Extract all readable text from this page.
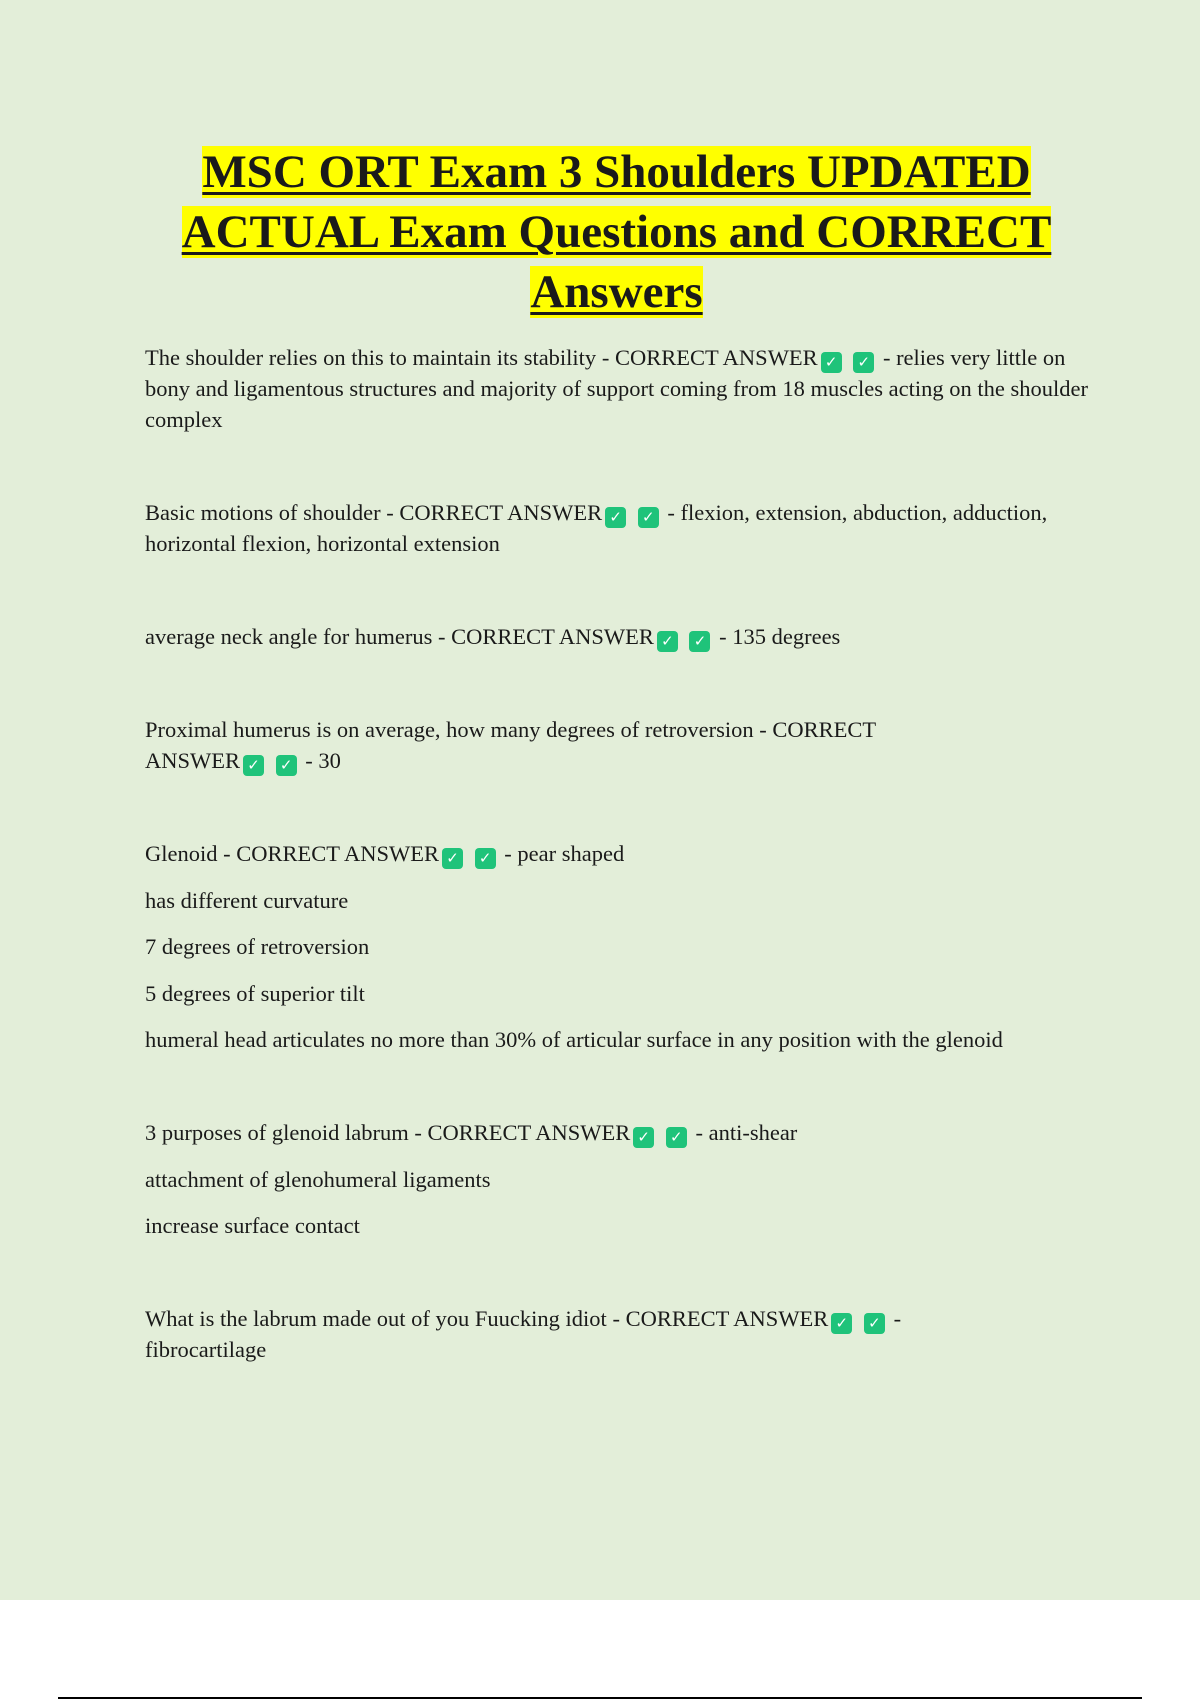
MSC ORT Exam 3 Shoulders UPDATED ACTUAL Exam Questions and CORRECT Answers

The shoulder relies on this to maintain its stability - CORRECT ANSWER ✓ ✓ - relies very little on bony and ligamentous structures and majority of support coming from 18 muscles acting on the shoulder complex

Basic motions of shoulder - CORRECT ANSWER ✓ ✓ - flexion, extension, abduction, adduction, horizontal flexion, horizontal extension

average neck angle for humerus - CORRECT ANSWER ✓ ✓ - 135 degrees

Proximal humerus is on average, how many degrees of retroversion - CORRECT ANSWER ✓ ✓ - 30

Glenoid - CORRECT ANSWER ✓ ✓ - pear shaped

has different curvature

7 degrees of retroversion

5 degrees of superior tilt

humeral head articulates no more than 30% of articular surface in any position with the glenoid

3 purposes of glenoid labrum - CORRECT ANSWER ✓ ✓ - anti-shear

attachment of glenohumeral ligaments

increase surface contact

What is the labrum made out of you Fuucking idiot - CORRECT ANSWER ✓ ✓ - fibrocartilage
